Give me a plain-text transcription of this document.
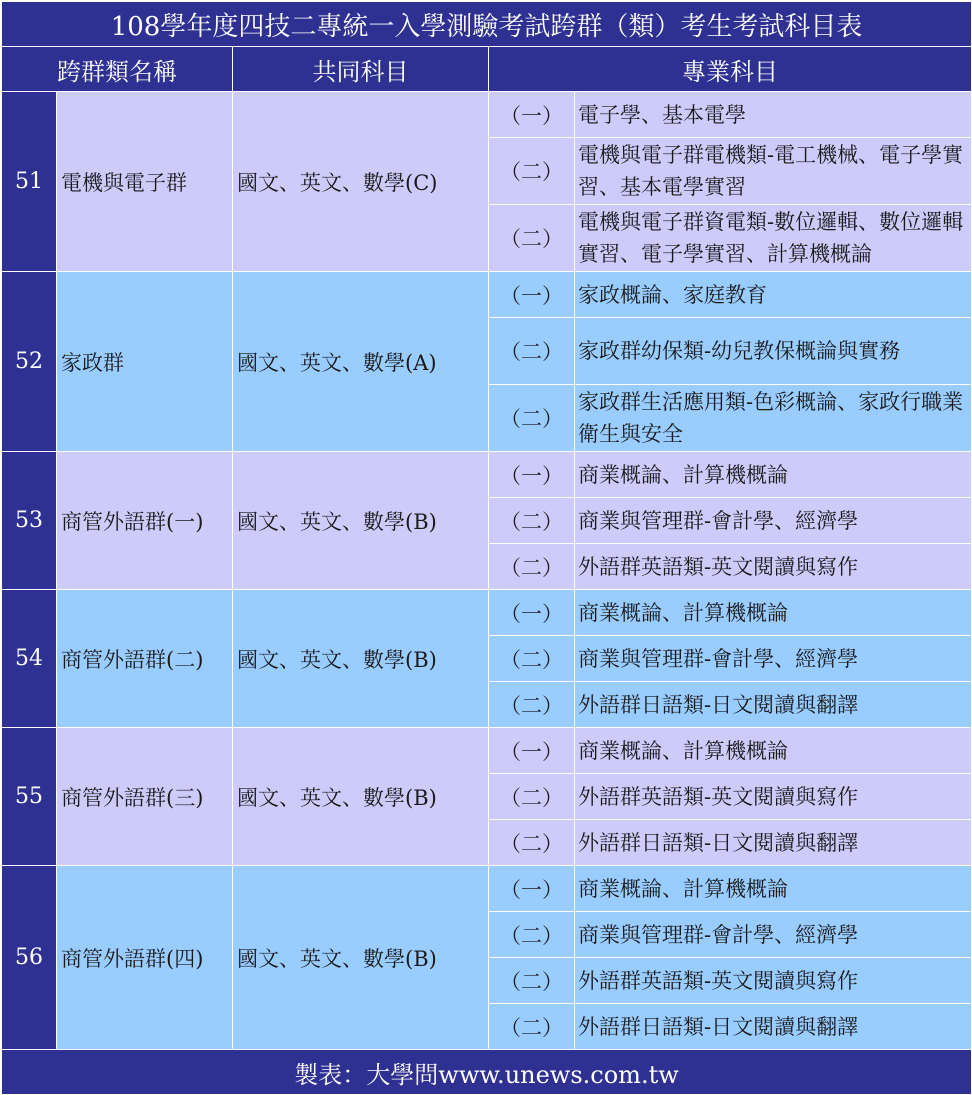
108學年度四技二專統一入學測驗考試跨群（類）考生考試科目表				
跨群類名稱		共同科目	專業科目	
51	電機與電子群	國文、英文、數學(C)	（一）	電子學、基本電學
			（二）	電機與電子群電機類-電工機械、電子學實習、基本電學實習
			（二）	電機與電子群資電類-數位邏輯、數位邏輯實習、電子學實習、計算機概論
52	家政群	國文、英文、數學(A)	（一）	家政概論、家庭教育
			（二）	家政群幼保類-幼兒教保概論與實務
			（二）	家政群生活應用類-色彩概論、家政行職業衛生與安全
53	商管外語群(一)	國文、英文、數學(B)	（一）	商業概論、計算機概論
			（二）	商業與管理群-會計學、經濟學
			（二）	外語群英語類-英文閱讀與寫作
54	商管外語群(二)	國文、英文、數學(B)	（一）	商業概論、計算機概論
			（二）	商業與管理群-會計學、經濟學
			（二）	外語群日語類-日文閱讀與翻譯
55	商管外語群(三)	國文、英文、數學(B)	（一）	商業概論、計算機概論
			（二）	外語群英語類-英文閱讀與寫作
			（二）	外語群日語類-日文閱讀與翻譯
56	商管外語群(四)	國文、英文、數學(B)	（一）	商業概論、計算機概論
			（二）	商業與管理群-會計學、經濟學
			（二）	外語群英語類-英文閱讀與寫作
			（二）	外語群日語類-日文閱讀與翻譯
製表：大學問www.unews.com.tw				
